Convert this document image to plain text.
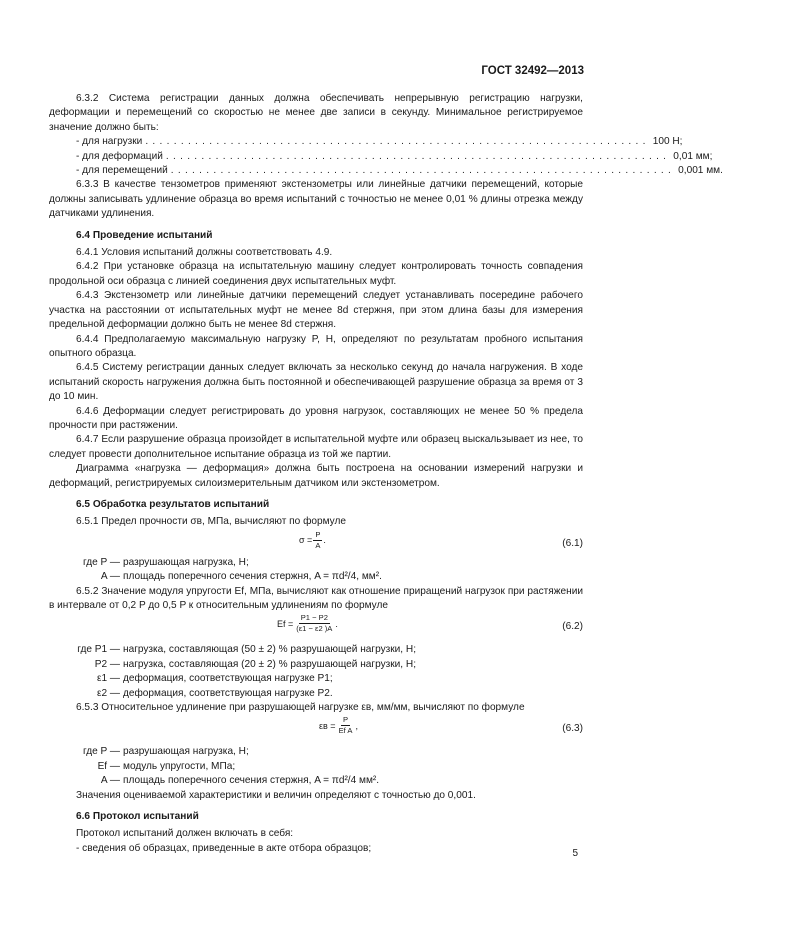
ГОСТ 32492—2013

6.3.2 Система регистрации данных должна обеспечивать непрерывную регистрацию нагрузки, деформации и перемещений со скоростью не менее две записи в секунду. Минимальное регистрируемое значение должно быть:

- для нагрузки ....................................................................... 100 Н;
- для деформаций ....................................................................... 0,01 мм;
- для перемещений ....................................................................... 0,001 мм.

6.3.3 В качестве тензометров применяют экстензометры или линейные датчики перемещений, которые должны записывать удлинение образца во время испытаний с точностью не менее 0,01 % длины отрезка между датчиками удлинения.

6.4 Проведение испытаний

6.4.1 Условия испытаний должны соответствовать 4.9.

6.4.2 При установке образца на испытательную машину следует контролировать точность совпадения продольной оси образца с линией соединения двух испытательных муфт.

6.4.3 Экстензометр или линейные датчики перемещений следует устанавливать посередине рабочего участка на расстоянии от испытательных муфт не менее 8d стержня, при этом длина базы для измерения предельной деформации должно быть не менее 8d стержня.

6.4.4 Предполагаемую максимальную нагрузку P, Н, определяют по результатам пробного испытания опытного образца.

6.4.5 Систему регистрации данных следует включать за несколько секунд до начала нагружения. В ходе испытаний скорость нагружения должна быть постоянной и обеспечивающей разрушение образца за время от 3 до 10 мин.

6.4.6 Деформации следует регистрировать до уровня нагрузок, составляющих не менее 50 % предела прочности при растяжении.

6.4.7 Если разрушение образца произойдет в испытательной муфте или образец выскальзывает из нее, то следует провести дополнительное испытание образца из той же партии.

Диаграмма «нагрузка — деформация» должна быть построена на основании измерений нагрузки и деформаций, регистрируемых силоизмерительным датчиком или экстензометром.

6.5 Обработка результатов испытаний

6.5.1 Предел прочности σв, МПа, вычисляют по формуле

$\sigma = \frac{P}{A}$ .	(6.1)
где P — разрушающая нагрузка, Н;
A — площадь поперечного сечения стержня, A = πd²/4, мм².

6.5.2 Значение модуля упругости Ef, МПа, вычисляют как отношение приращений нагрузок при растяжении в интервале от 0,2 P до 0,5 P к относительным удлинениям по формуле

$Ef = \frac{P1 - P2}{(\varepsilon 1 - \varepsilon 2 )A}$ .	(6.2)
где P1 — нагрузка, составляющая (50 ± 2) % разрушающей нагрузки, Н;
P2 — нагрузка, составляющая (20 ± 2) % разрушающей нагрузки, Н;
ε1 — деформация, соответствующая нагрузке P1;
ε2 — деформация, соответствующая нагрузке P2.

6.5.3 Относительное удлинение при разрушающей нагрузке εв, мм/мм, вычисляют по формуле

$\varepsilon в = \frac{P}{\text{Ef A}}$ ,	(6.3)
где P — разрушающая нагрузка, Н;
Ef — модуль упругости, МПа;
A — площадь поперечного сечения стержня, A = πd²/4 мм².

Значения оцениваемой характеристики и величин определяют с точностью до 0,001.

6.6 Протокол испытаний

Протокол испытаний должен включать в себя:

- сведения об образцах, приведенные в акте отбора образцов;	5
